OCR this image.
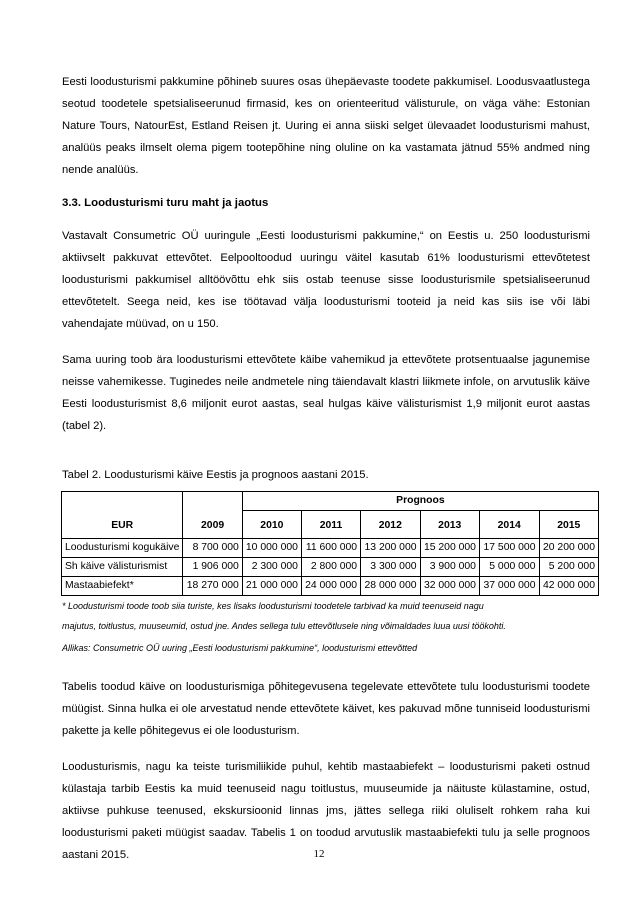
Eesti loodusturismi pakkumine põhineb suures osas ühepäevaste toodete pakkumisel. Loodusvaatlustega seotud toodetele spetsialiseerunud firmasid, kes on orienteeritud välisturule, on väga vähe: Estonian Nature Tours, NatourEst, Estland Reisen jt. Uuring ei anna siiski selget ülevaadet loodusturismi mahust, analüüs peaks ilmselt olema pigem tootepõhine ning oluline on ka vastamata jätnud 55% andmed ning nende analüüs.

3.3. Loodusturismi turu maht ja jaotus

Vastavalt Consumetric OÜ uuringule „Eesti loodusturismi pakkumine,“ on Eestis u. 250 loodusturismi aktiivselt pakkuvat ettevõtet. Eelpooltoodud uuringu väitel kasutab 61% loodusturismi ettevõtetest loodusturismi pakkumisel alltöövõttu ehk siis ostab teenuse sisse loodusturismile spetsialiseerunud ettevõtetelt. Seega neid, kes ise töötavad välja loodusturismi tooteid ja neid kas siis ise või läbi vahendajate müüvad, on u 150.

Sama uuring toob ära loodusturismi ettevõtete käibe vahemikud ja ettevõtete protsentuaalse jagunemise neisse vahemikesse. Tuginedes neile andmetele ning täiendavalt klastri liikmete infole, on arvutuslik käive Eesti loodusturismist 8,6 miljonit eurot aastas, seal hulgas käive välisturismist 1,9 miljonit eurot aastas (tabel 2).

Tabel 2. Loodusturismi käive Eestis ja prognoos aastani 2015.

		Prognoos					
EUR	2009	2010	2011	2012	2013	2014	2015
Loodusturismi kogukäive	8 700 000	10 000 000	11 600 000	13 200 000	15 200 000	17 500 000	20 200 000
Sh käive välisturismist	1 906 000	2 300 000	2 800 000	3 300 000	3 900 000	5 000 000	5 200 000
Mastaabiefekt*	18 270 000	21 000 000	24 000 000	28 000 000	32 000 000	37 000 000	42 000 000

* Loodusturismi toode toob siia turiste, kes lisaks loodusturismi toodetele tarbivad ka muid teenuseid nagu

majutus, toitlustus, muuseumid, ostud jne. Andes sellega tulu ettevõtlusele ning võimaldades luua uusi töökohti.

Allikas: Consumetric OÜ uuring „Eesti loodusturismi pakkumine“, loodusturismi ettevõtted

Tabelis toodud käive on loodusturismiga põhitegevusena tegelevate ettevõtete tulu loodusturismi toodete müügist. Sinna hulka ei ole arvestatud nende ettevõtete käivet, kes pakuvad mõne tunniseid loodusturismi pakette ja kelle põhitegevus ei ole loodusturism.

Loodusturismis, nagu ka teiste turismiliikide puhul, kehtib mastaabiefekt – loodusturismi paketi ostnud külastaja tarbib Eestis ka muid teenuseid nagu toitlustus, muuseumide ja näituste külastamine, ostud, aktiivse puhkuse teenused, ekskursioonid linnas jms, jättes sellega riiki oluliselt rohkem raha kui loodusturismi paketi müügist saadav. Tabelis 1 on toodud arvutuslik mastaabiefekti tulu ja selle prognoos aastani 2015.	12
